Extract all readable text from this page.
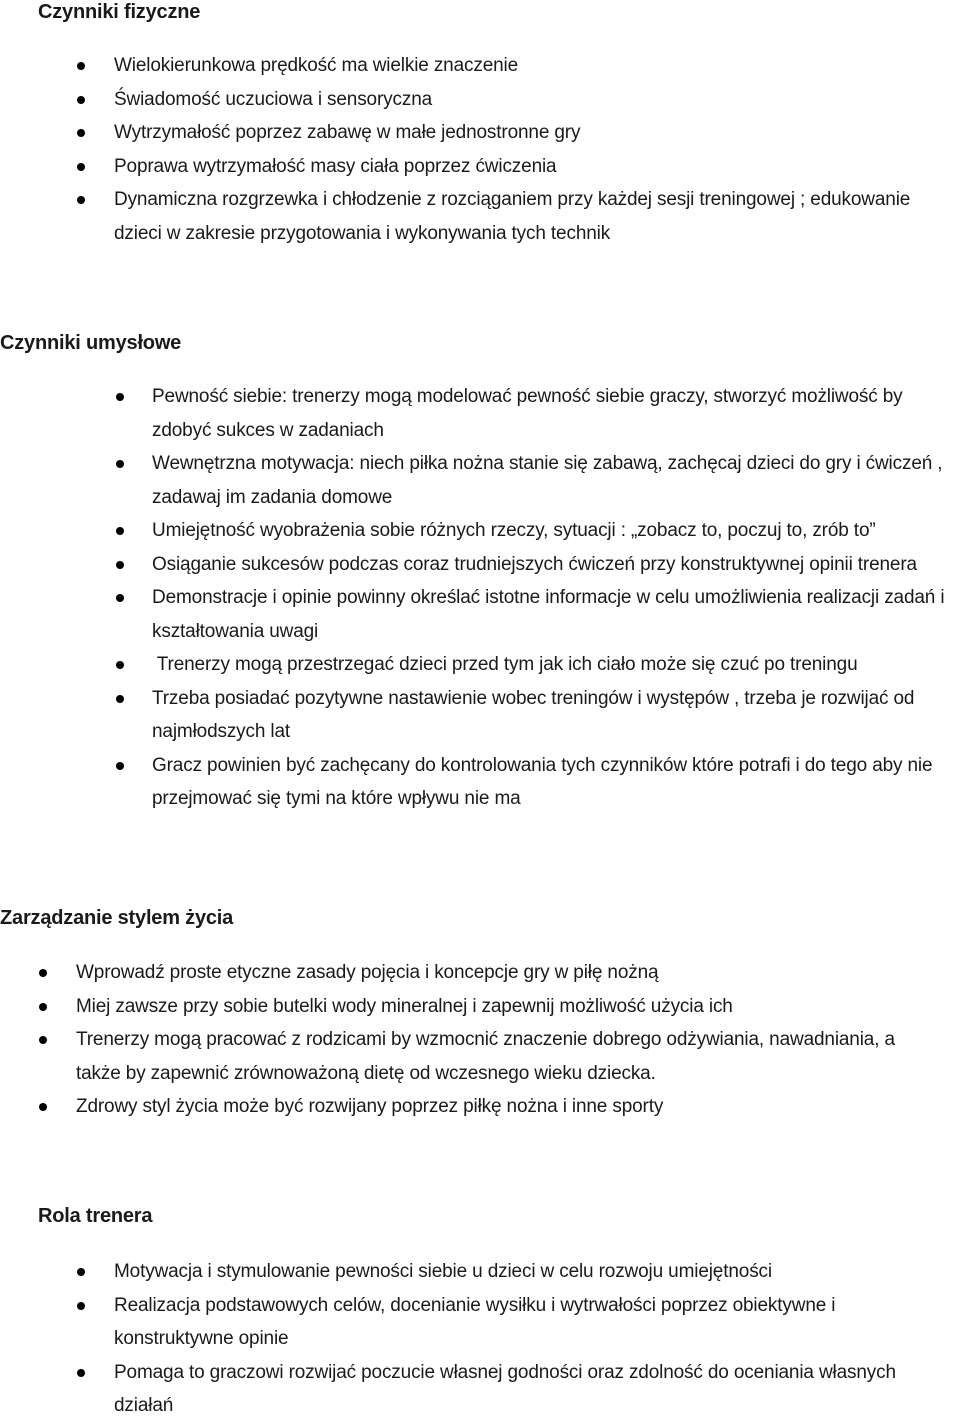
Czynniki fizyczne
Wielokierunkowa prędkość ma wielkie znaczenie
Świadomość uczuciowa i sensoryczna
Wytrzymałość poprzez zabawę w małe jednostronne gry
Poprawa wytrzymałość masy ciała poprzez ćwiczenia
Dynamiczna rozgrzewka i chłodzenie z rozciąganiem przy każdej sesji treningowej ; edukowanie dzieci w zakresie przygotowania i wykonywania tych technik
Czynniki umysłowe
Pewność siebie: trenerzy mogą modelować pewność siebie graczy, stworzyć możliwość by zdobyć sukces w zadaniach
Wewnętrzna motywacja: niech piłka nożna stanie się zabawą, zachęcaj dzieci do gry i ćwiczeń , zadawaj im zadania domowe
Umiejętność wyobrażenia sobie różnych rzeczy, sytuacji : „zobacz to, poczuj to, zrób to”
Osiąganie sukcesów podczas coraz trudniejszych ćwiczeń przy konstruktywnej opinii trenera
Demonstracje i opinie powinny określać istotne informacje w celu umożliwienia realizacji zadań i kształtowania uwagi
Trenerzy mogą przestrzegać dzieci przed tym jak ich ciało może się czuć po treningu
Trzeba posiadać pozytywne nastawienie wobec treningów i występów , trzeba je rozwijać od najmłodszych lat
Gracz powinien być zachęcany do kontrolowania tych czynników które potrafi i do tego aby nie przejmować się tymi na które wpływu nie ma
Zarządzanie stylem życia
Wprowadź proste etyczne zasady pojęcia i koncepcje gry w piłę nożną
Miej zawsze przy sobie butelki wody mineralnej i zapewnij możliwość użycia ich
Trenerzy mogą pracować z rodzicami by wzmocnić znaczenie dobrego odżywiania, nawadniania, a także by zapewnić zrównoważoną dietę od wczesnego wieku dziecka.
Zdrowy styl życia może być rozwijany poprzez piłkę nożna i inne sporty
Rola trenera
Motywacja i stymulowanie pewności siebie u dzieci w celu rozwoju umiejętności
Realizacja podstawowych celów, docenianie wysiłku i wytrwałości poprzez obiektywne i konstruktywne opinie
Pomaga to graczowi rozwijać poczucie własnej godności oraz zdolność do oceniania własnych działań
